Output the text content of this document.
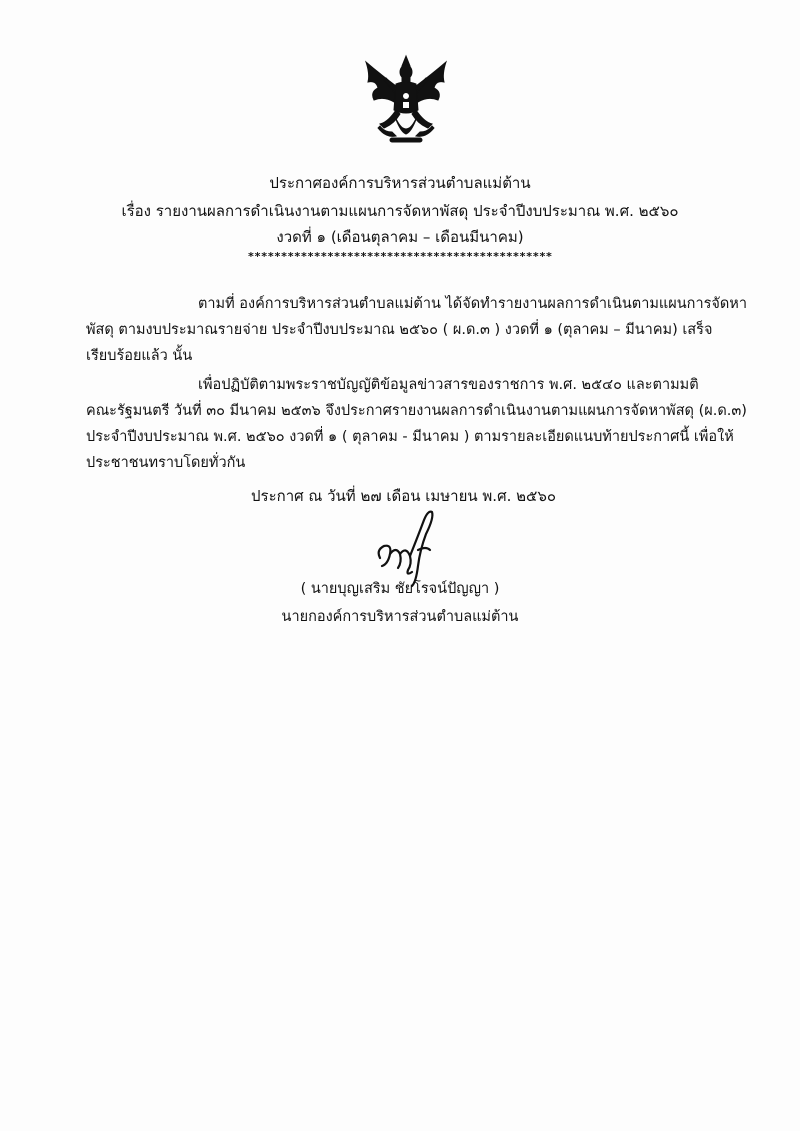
ประกาศองค์การบริหารส่วนตำบลแม่ต้าน
เรื่อง รายงานผลการดำเนินงานตามแผนการจัดหาพัสดุ ประจำปีงบประมาณ พ.ศ. ๒๕๖๐
งวดที่ ๑ (เดือนตุลาคม – เดือนมีนาคม)
**********************************************
ตามที่ องค์การบริหารส่วนตำบลแม่ต้าน ได้จัดทำรายงานผลการดำเนินตามแผนการจัดหา
พัสดุ ตามงบประมาณรายจ่าย ประจำปีงบประมาณ ๒๕๖๐ ( ผ.ด.๓ ) งวดที่ ๑ (ตุลาคม – มีนาคม) เสร็จ
เรียบร้อยแล้ว นั้น
เพื่อปฏิบัติตามพระราชบัญญัติข้อมูลข่าวสารของราชการ พ.ศ. ๒๕๔๐ และตามมติ
คณะรัฐมนตรี วันที่ ๓๐ มีนาคม ๒๕๓๖ จึงประกาศรายงานผลการดำเนินงานตามแผนการจัดหาพัสดุ (ผ.ด.๓)
ประจำปีงบประมาณ พ.ศ. ๒๕๖๐ งวดที่ ๑ ( ตุลาคม - มีนาคม ) ตามรายละเอียดแนบท้ายประกาศนี้ เพื่อให้
ประชาชนทราบโดยทั่วกัน
ประกาศ ณ วันที่ ๒๗ เดือน เมษายน พ.ศ. ๒๕๖๐
( นายบุญเสริม ชัยโรจน์ปัญญา )
นายกองค์การบริหารส่วนตำบลแม่ต้าน
